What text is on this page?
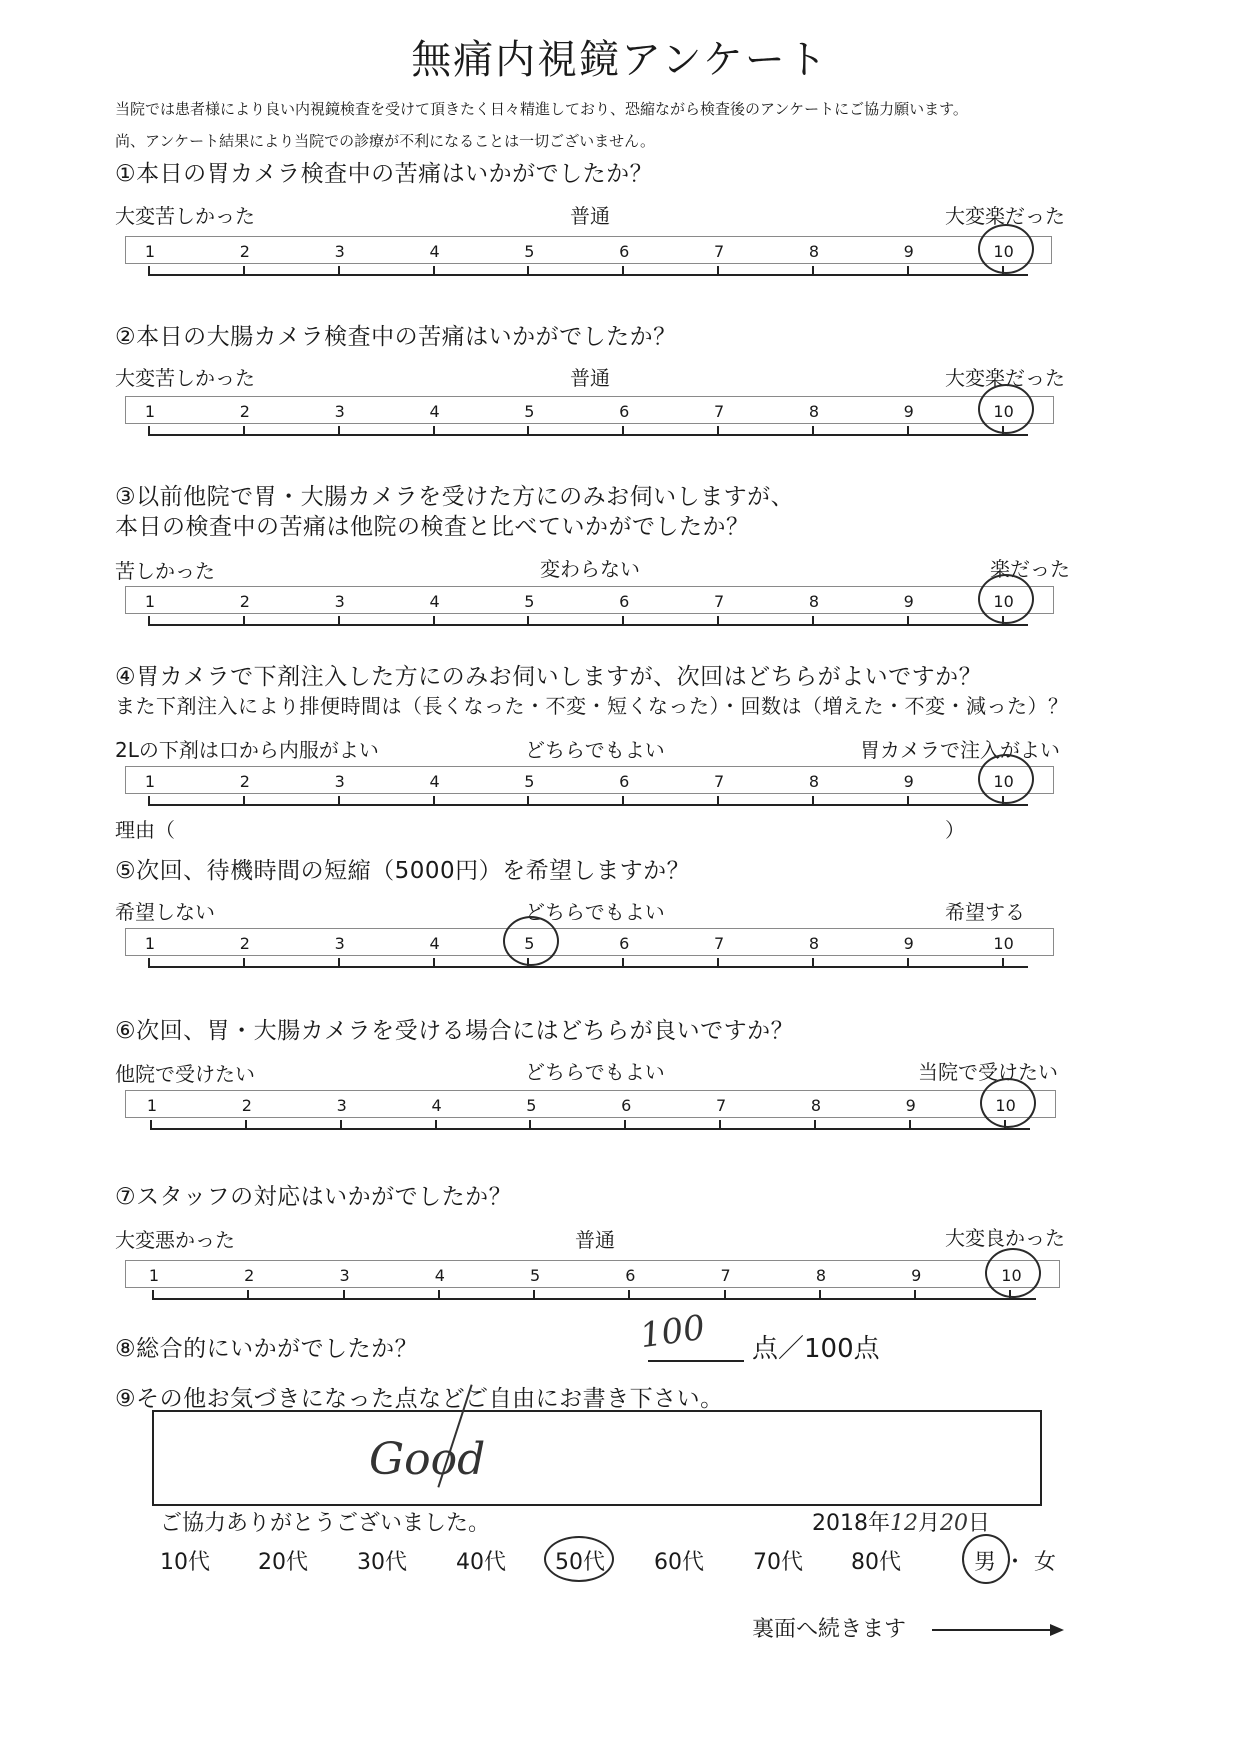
無痛内視鏡アンケート
当院では患者様により良い内視鏡検査を受けて頂きたく日々精進しており、恐縮ながら検査後のアンケートにご協力願います。
尚、アンケート結果により当院での診療が不利になることは一切ございません。
①本日の胃カメラ検査中の苦痛はいかがでしたか？
大変苦しかった	普通	大変楽だった
②本日の大腸カメラ検査中の苦痛はいかがでしたか？
大変苦しかった	普通	大変楽だった
③以前他院で胃・大腸カメラを受けた方にのみお伺いしますが、
本日の検査中の苦痛は他院の検査と比べていかがでしたか？
苦しかった	変わらない	楽だった
④胃カメラで下剤注入した方にのみお伺いしますが、次回はどちらがよいですか？
また下剤注入により排便時間は（長くなった・不変・短くなった）・回数は（増えた・不変・減った）？
2Lの下剤は口から内服がよい	どちらでもよい	胃カメラで注入がよい
理由（	）
⑤次回、待機時間の短縮（5000円）を希望しますか？
希望しない	どちらでもよい	希望する
⑥次回、胃・大腸カメラを受ける場合にはどちらが良いですか？
他院で受けたい	どちらでもよい	当院で受けたい
⑦スタッフの対応はいかがでしたか？
大変悪かった	普通	大変良かった
⑧総合的にいかがでしたか？	100 点／100点
⑨その他お気づきになった点などご自由にお書き下さい。
Good
ご協力ありがとうございました。	2018年12月20日
10代 20代 30代 40代 50代 60代 70代 80代	男 ・ 女
裏面へ続きます
1	2	3	4	5	6	7	8	9	10
1	2	3	4	5	6	7	8	9	10
1	2	3	4	5	6	7	8	9	10
1	2	3	4	5	6	7	8	9	10
1	2	3	4	5	6	7	8	9	10
1	2	3	4	5	6	7	8	9	10
1	2	3	4	5	6	7	8	9	10
